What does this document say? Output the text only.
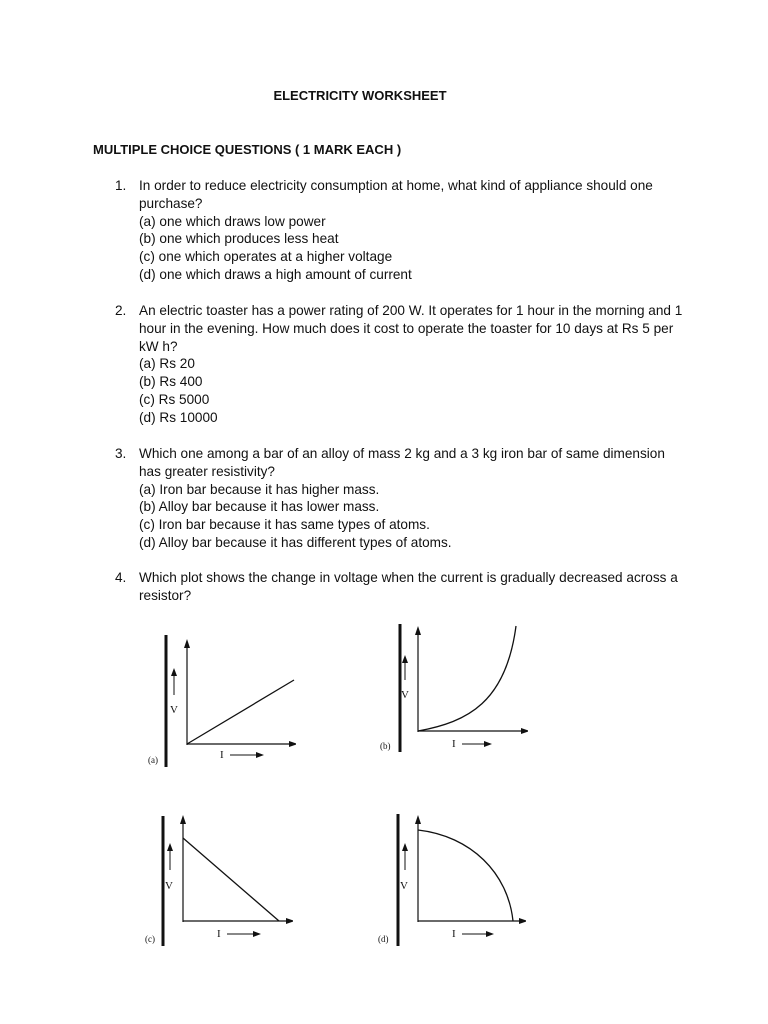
ELECTRICITY WORKSHEET
MULTIPLE CHOICE QUESTIONS ( 1 MARK EACH )
1. In order to reduce electricity consumption at home, what kind of appliance should one purchase?
(a) one which draws low power
(b) one which produces less heat
(c) one which operates at a higher voltage
(d) one which draws a high amount of current
2. An electric toaster has a power rating of 200 W. It operates for 1 hour in the morning and 1 hour in the evening. How much does it cost to operate the toaster for 10 days at Rs 5 per kW h?
(a) Rs 20
(b) Rs 400
(c) Rs 5000
(d) Rs 10000
3. Which one among a bar of an alloy of mass 2 kg and a 3 kg iron bar of same dimension has greater resistivity?
(a) Iron bar because it has higher mass.
(b) Alloy bar because it has lower mass.
(c) Iron bar because it has same types of atoms.
(d) Alloy bar because it has different types of atoms.
4. Which plot shows the change in voltage when the current is gradually decreased across a resistor?
V
I
(a)
V
I
(b)
V
I
(c)
V
I
(d)
